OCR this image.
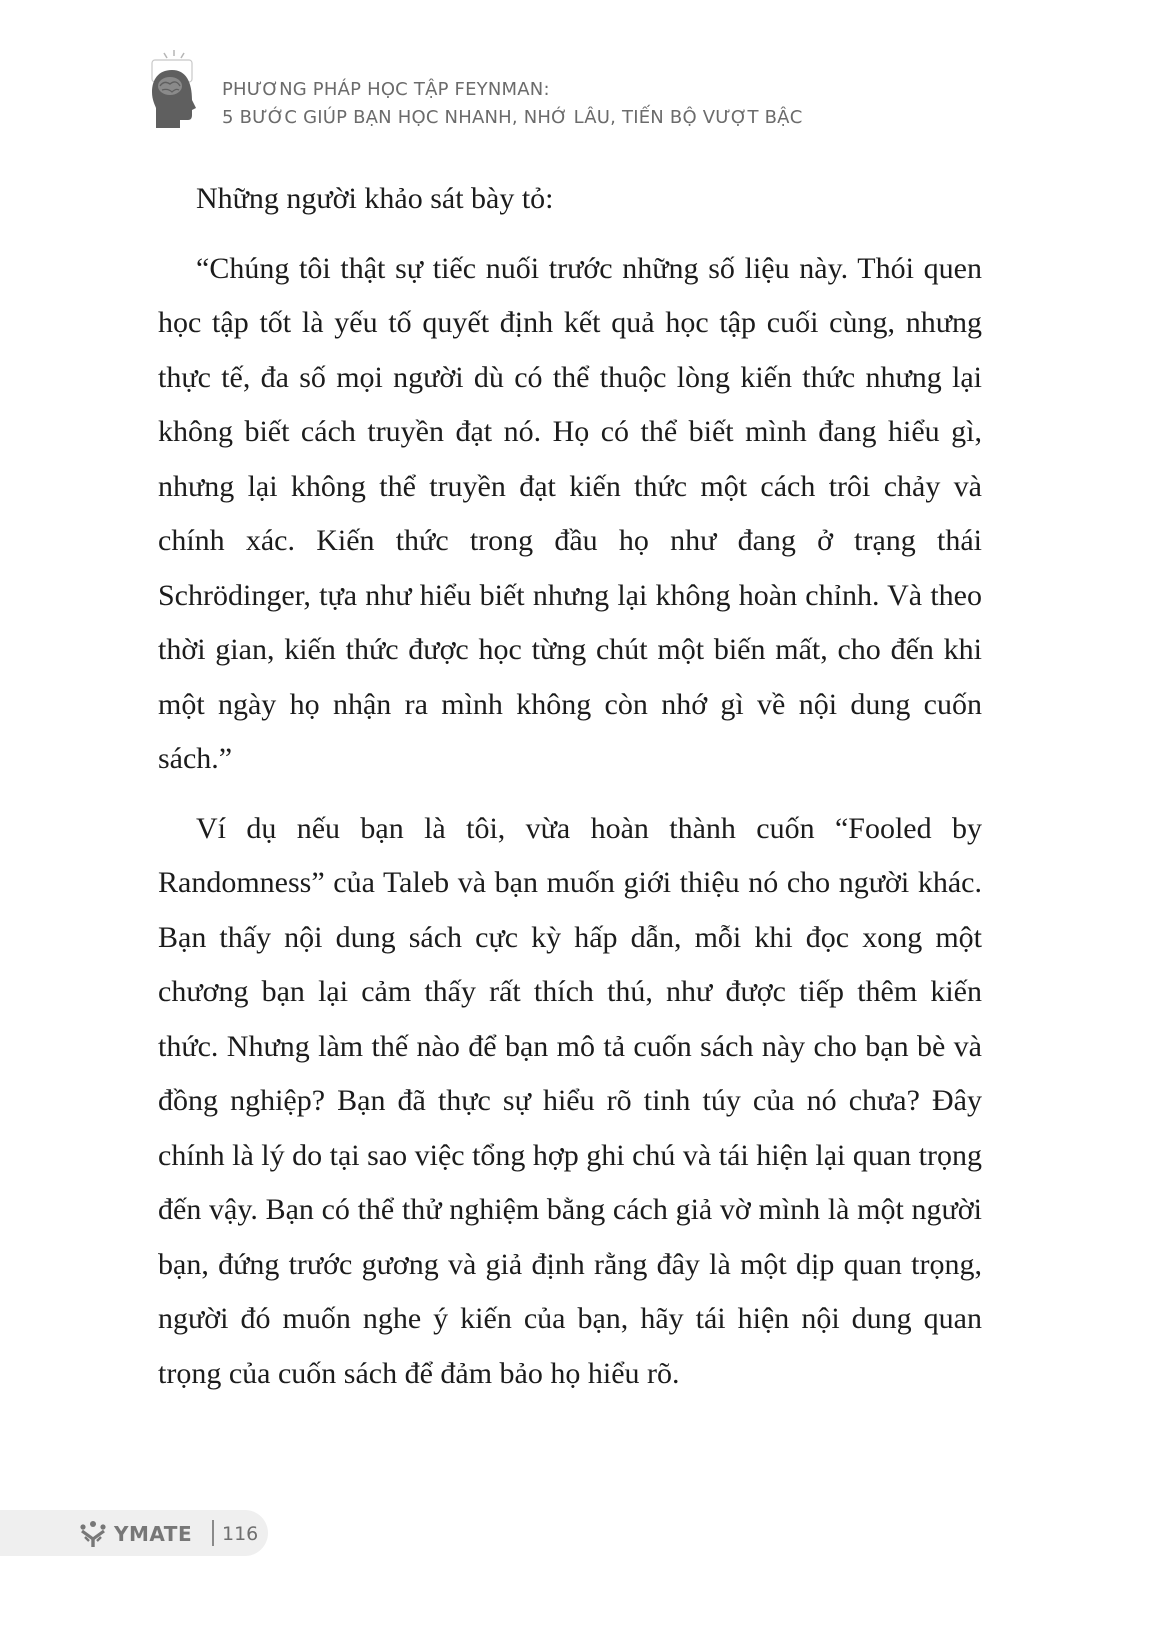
PHƯƠNG PHÁP HỌC TẬP FEYNMAN:
5 BƯỚC GIÚP BẠN HỌC NHANH, NHỚ LÂU, TIẾN BỘ VƯỢT BẬC

Những người khảo sát bày tỏ:

“Chúng tôi thật sự tiếc nuối trước những số liệu này. Thói quen học tập tốt là yếu tố quyết định kết quả học tập cuối cùng, nhưng thực tế, đa số mọi người dù có thể thuộc lòng kiến thức nhưng lại không biết cách truyền đạt nó. Họ có thể biết mình đang hiểu gì, nhưng lại không thể truyền đạt kiến thức một cách trôi chảy và chính xác. Kiến thức trong đầu họ như đang ở trạng thái Schrödinger, tựa như hiểu biết nhưng lại không hoàn chỉnh. Và theo thời gian, kiến thức được học từng chút một biến mất, cho đến khi một ngày họ nhận ra mình không còn nhớ gì về nội dung cuốn sách.”

Ví dụ nếu bạn là tôi, vừa hoàn thành cuốn “Fooled by Randomness” của Taleb và bạn muốn giới thiệu nó cho người khác. Bạn thấy nội dung sách cực kỳ hấp dẫn, mỗi khi đọc xong một chương bạn lại cảm thấy rất thích thú, như được tiếp thêm kiến thức. Nhưng làm thế nào để bạn mô tả cuốn sách này cho bạn bè và đồng nghiệp? Bạn đã thực sự hiểu rõ tinh túy của nó chưa? Đây chính là lý do tại sao việc tổng hợp ghi chú và tái hiện lại quan trọng đến vậy. Bạn có thể thử nghiệm bằng cách giả vờ mình là một người bạn, đứng trước gương và giả định rằng đây là một dịp quan trọng, người đó muốn nghe ý kiến của bạn, hãy tái hiện nội dung quan trọng của cuốn sách để đảm bảo họ hiểu rõ.

YMATE 116
